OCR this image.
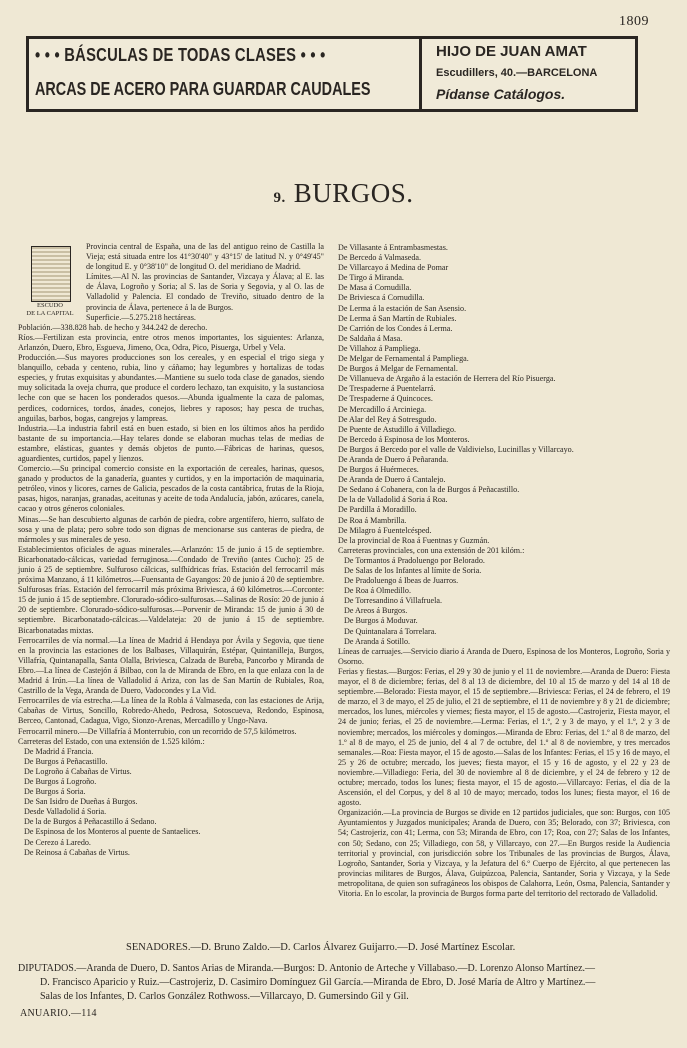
1809
• • • BÁSCULAS DE TODAS CLASES • • •
ARCAS DE ACERO PARA GUARDAR CAUDALES
HIJO DE JUAN AMAT
Escudillers, 40.—BARCELONA
Pídanse Catálogos.
9. BURGOS.
ESCUDO
DE LA CAPITAL

Provincia central de España, una de las del antiguo reino de Castilla la Vieja; está situada entre los 41°30'40" y 43°15' de latitud N. y 0°49'45" de longitud E. y 0°38'10" de longitud O. del meridiano de Madrid.

Límites.—Al N. las provincias de Santander, Vizcaya y Álava; al E. las de Álava, Logroño y Soria; al S. las de Soria y Segovia, y al O. las de Valladolid y Palencia. El condado de Treviño, situado dentro de la provincia de Álava, pertenece á la de Burgos.

Superficie.—5.275.218 hectáreas.

Población.—338.828 hab. de hecho y 344.242 de derecho.

Ríos.—Fertilizan esta provincia, entre otros menos importantes, los siguientes: Arlanza, Arlanzón, Duero, Ebro, Esgueva, Jimeno, Oca, Odra, Pico, Pisuerga, Urbel y Vela.

Producción.—Sus mayores producciones son los cereales, y en especial el trigo siega y blanquillo, cebada y centeno, rubia, lino y cáñamo; hay legumbres y hortalizas de todas especies, y frutas exquisitas y abundantes.—Mantiene su suelo toda clase de ganados, siendo muy solicitada la oveja churra, que produce el cordero lechazo, tan exquisito, y la sustanciosa leche con que se hacen los ponderados quesos.—Abunda igualmente la caza de palomas, perdices, codornices, tordos, ánades, conejos, liebres y raposos; hay pesca de truchas, anguilas, barbos, bogas, cangrejos y lampreas.

Industria.—La industria fabril está en buen estado, si bien en los últimos años ha perdido bastante de su importancia.—Hay telares donde se elaboran muchas telas de medias de estambre, elásticas, guantes y demás objetos de punto.—Fábricas de harinas, quesos, aguardientes, curtidos, papel y lienzos.

Comercio.—Su principal comercio consiste en la exportación de cereales, harinas, quesos, ganado y productos de la ganadería, guantes y curtidos, y en la importación de maquinaria, petróleo, vinos y licores, carnes de Galicia, pescados de la costa cantábrica, frutas de la Rioja, pasas, higos, naranjas, granadas, aceitunas y aceite de toda Andalucía, jabón, azúcares, canela, cacao y otros géneros coloniales.

Minas.—Se han descubierto algunas de carbón de piedra, cobre argentífero, hierro, sulfato de sosa y una de plata; pero sobre todo son dignas de mencionarse sus canteras de piedra, de mármoles y sus minerales de yeso.

Establecimientos oficiales de aguas minerales.—Arlanzón: 15 de junio á 15 de septiembre. Bicarbonatado-cálcicas, variedad ferruginosa.—Condado de Treviño (antes Cucho): 25 de junio á 25 de septiembre. Sulfuroso cálcicas, sulfhídricas frías. Estación del ferrocarril más próxima Manzano, á 11 kilómetros.—Fuensanta de Gayangos: 20 de junio á 20 de septiembre. Sulfurosas frías. Estación del ferrocarril más próxima Briviesca, á 60 kilómetros.—Corconte: 15 de junio á 15 de septiembre. Clorurado-sódico-sulfurosas.—Salinas de Rosío: 20 de junio á 20 de septiembre. Clorurado-sódico-sulfurosas.—Porvenir de Miranda: 15 de junio á 30 de septiembre. Bicarbonatado-cálcicas.—Valdelateja: 20 de junio á 15 de septiembre. Bicarbonatadas mixtas.

Ferrocarriles de vía normal.—La línea de Madrid á Hendaya por Ávila y Segovia, que tiene en la provincia las estaciones de los Balbases, Villaquirán, Estépar, Quintanilleja, Burgos, Villafría, Quintanapalla, Santa Olalla, Briviesca, Calzada de Bureba, Pancorbo y Miranda de Ebro.—La línea de Castejón á Bilbao, con la de Miranda de Ebro, en la que enlaza con la de Madrid á Irún.—La línea de Valladolid á Ariza, con las de San Martín de Rubiales, Roa, Castrillo de la Vega, Aranda de Duero, Vadocondes y La Vid.

Ferrocarriles de vía estrecha.—La línea de la Robla á Valmaseda, con las estaciones de Arija, Cabañas de Virtus, Soncillo, Robredo-Ahedo, Pedrosa, Sotoscueva, Redondo, Espinosa, Berceo, Cantonad, Cadagua, Vigo, Sionzo-Arenas, Mercadillo y Ungo-Nava.

Ferrocarril minero.—De Villafría á Monterrubio, con un recorrido de 57,5 kilómetros.

Carreteras del Estado, con una extensión de 1.525 kilóm.:

De Madrid á Francia.

De Burgos á Peñacastillo.

De Logroño á Cabañas de Virtus.

De Burgos á Logroño.

De Burgos á Soria.

De San Isidro de Dueñas á Burgos.

Desde Valladolid á Soria.

De la de Burgos á Peñacastillo á Sedano.

De Espinosa de los Monteros al puente de Santaelices.

De Cerezo á Laredo.

De Reinosa á Cabañas de Virtus.

De Villasante á Entrambasmestas.

De Bercedo á Valmaseda.

De Villarcayo á Medina de Pomar

De Tirgo á Miranda.

De Masa á Cornudilla.

De Briviesca á Cornudilla.

De Lerma á la estación de San Asensio.

De Lerma á San Martín de Rubiales.

De Carrión de los Condes á Lerma.

De Saldaña á Masa.

De Villahoz á Pampliega.

De Melgar de Fernamental á Pampliega.

De Burgos á Melgar de Fernamental.

De Villanueva de Argaño á la estación de Herrera del Río Pisuerga.

De Trespaderne á Puentelarrá.

De Trespaderne á Quincoces.

De Mercadillo á Arciniega.

De Alar del Rey á Sotresgudo.

De Puente de Astudillo á Villadiego.

De Bercedo á Espinosa de los Monteros.

De Burgos á Bercedo por el valle de Valdivielso, Lucinillas y Villarcayo.

De Aranda de Duero á Peñaranda.

De Burgos á Huérmeces.

De Aranda de Duero á Cantalejo.

De Sedano á Cobanera, con la de Burgos á Peñacastillo.

De la de Valladolid á Soria á Roa.

De Pardilla á Moradillo.

De Roa á Mambrilla.

De Milagro á Fuentelcésped.

De la provincial de Roa á Fuentnas y Guzmán.

Carreteras provinciales, con una extensión de 201 kilóm.:

De Tormantos á Pradoluengo por Belorado.

De Salas de los Infantes al límite de Soria.

De Pradoluengo á Ibeas de Juarros.

De Roa á Olmedillo.

De Torresandino á Villafruela.

De Areos á Burgos.

De Burgos á Moduvar.

De Quintanalara á Torrelara.

De Aranda á Sotillo.

Líneas de carruajes.—Servicio diario á Aranda de Duero, Espinosa de los Monteros, Logroño, Soria y Osorno.

Ferias y fiestas.—Burgos: Ferias, el 29 y 30 de junio y el 11 de noviembre.—Aranda de Duero: Fiesta mayor, el 8 de diciembre; ferias, del 8 al 13 de diciembre, del 10 al 15 de marzo y del 14 al 18 de septiembre.—Belorado: Fiesta mayor, el 15 de septiembre.—Briviesca: Ferias, el 24 de febrero, el 19 de marzo, el 3 de mayo, el 25 de julio, el 21 de septiembre, el 11 de noviembre y 8 y 21 de diciembre; mercados, los lunes, miércoles y viernes; fiesta mayor, el 15 de agosto.—Castrojeriz, Fiesta mayor, el 24 de junio; ferias, el 25 de noviembre.—Lerma: Ferias, el 1.º, 2 y 3 de mayo, y el 1.º, 2 y 3 de noviembre; mercados, los miércoles y domingos.—Miranda de Ebro: Ferias, del 1.º al 8 de marzo, del 1.º al 8 de mayo, el 25 de junio, del 4 al 7 de octubre, del 1.º al 8 de noviembre, y tres mercados semanales.—Roa: Fiesta mayor, el 15 de agosto.—Salas de los Infantes: Ferias, el 15 y 16 de mayo, el 25 y 26 de octubre; mercado, los jueves; fiesta mayor, el 15 y 16 de agosto, y el 22 y 23 de noviembre.—Villadiego: Feria, del 30 de noviembre al 8 de diciembre, y el 24 de febrero y 12 de octubre; mercado, todos los lunes; fiesta mayor, el 15 de agosto.—Villarcayo: Ferias, el día de la Ascensión, el del Corpus, y del 8 al 10 de mayo; mercado, todos los lunes; fiesta mayor, el 16 de agosto.

Organización.—La provincia de Burgos se divide en 12 partidos judiciales, que son: Burgos, con 105 Ayuntamientos y Juzgados municipales; Aranda de Duero, con 35; Belorado, con 37; Briviesca, con 54; Castrojeriz, con 41; Lerma, con 53; Miranda de Ebro, con 17; Roa, con 27; Salas de los Infantes, con 50; Sedano, con 25; Villadiego, con 58, y Villarcayo, con 27.—En Burgos reside la Audiencia territorial y provincial, con jurisdicción sobre los Tribunales de las provincias de Burgos, Álava, Logroño, Santander, Soria y Vizcaya, y la Jefatura del 6.º Cuerpo de Ejército, al que pertenecen las provincias militares de Burgos, Álava, Guipúzcoa, Palencia, Santander, Soria y Vizcaya, y la Sede metropolitana, de quien son sufragáneos los obispos de Calahorra, León, Osma, Palencia, Santander y Vitoria. En lo escolar, la provincia de Burgos forma parte del territorio del rectorado de Valladolid.

SENADORES.—D. Bruno Zaldo.—D. Carlos Álvarez Guijarro.—D. José Martínez Escolar.

DIPUTADOS.—Aranda de Duero, D. Santos Arias de Miranda.—Burgos: D. Antonio de Arteche y Villabaso.—D. Lorenzo Alonso Martínez.—

D. Francisco Aparicio y Ruiz.—Castrojeriz, D. Casimiro Domínguez Gil García.—Miranda de Ebro, D. José María de Altro y Martínez.—

Salas de los Infantes, D. Carlos González Rothwoss.—Villarcayo, D. Gumersindo Gil y Gil.

ANUARIO.—114
